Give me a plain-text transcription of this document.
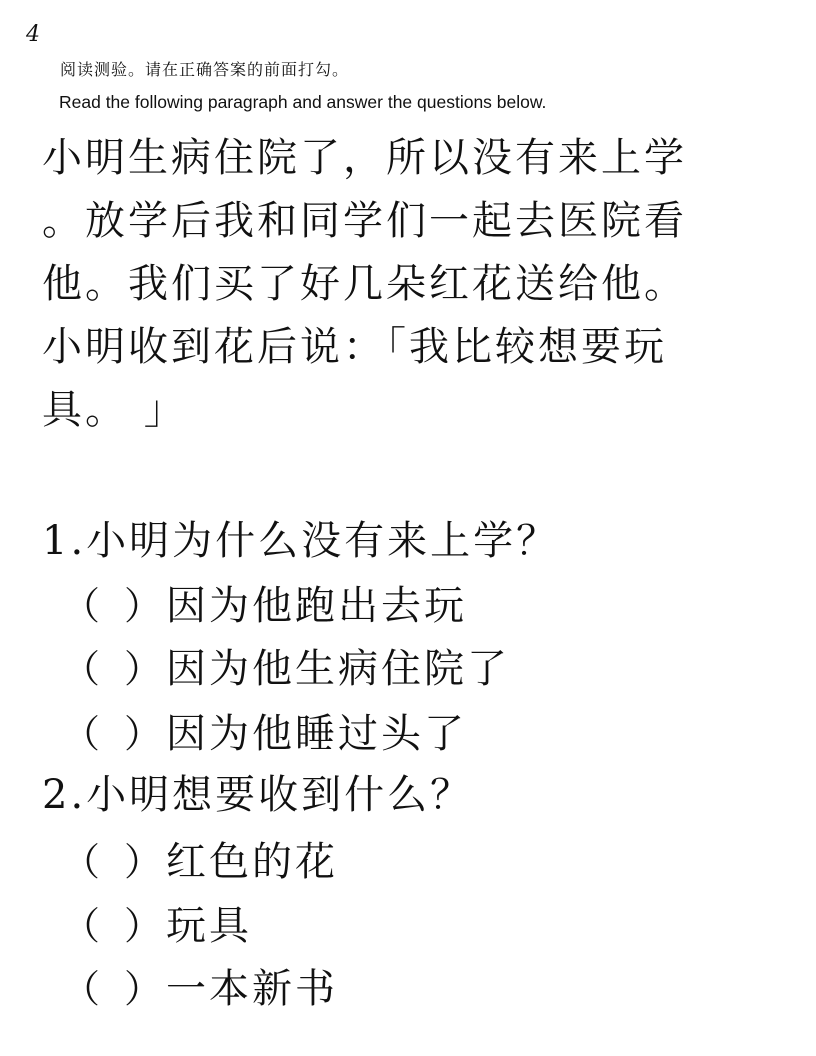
4
阅读测验。请在正确答案的前面打勾。
Read the following paragraph and answer the questions below.
小明生病住院了，所以没有来上学
。放学后我和同学们一起去医院看
他。我们买了好几朵红花送给他。
小明收到花后说：「我比较想要玩
具。 」
1.小明为什么没有来上学？
（ ） 因为他跑出去玩
（ ） 因为他生病住院了
（ ） 因为他睡过头了
2.小明想要收到什么？
（ ） 红色的花
（ ） 玩具
（ ） 一本新书
